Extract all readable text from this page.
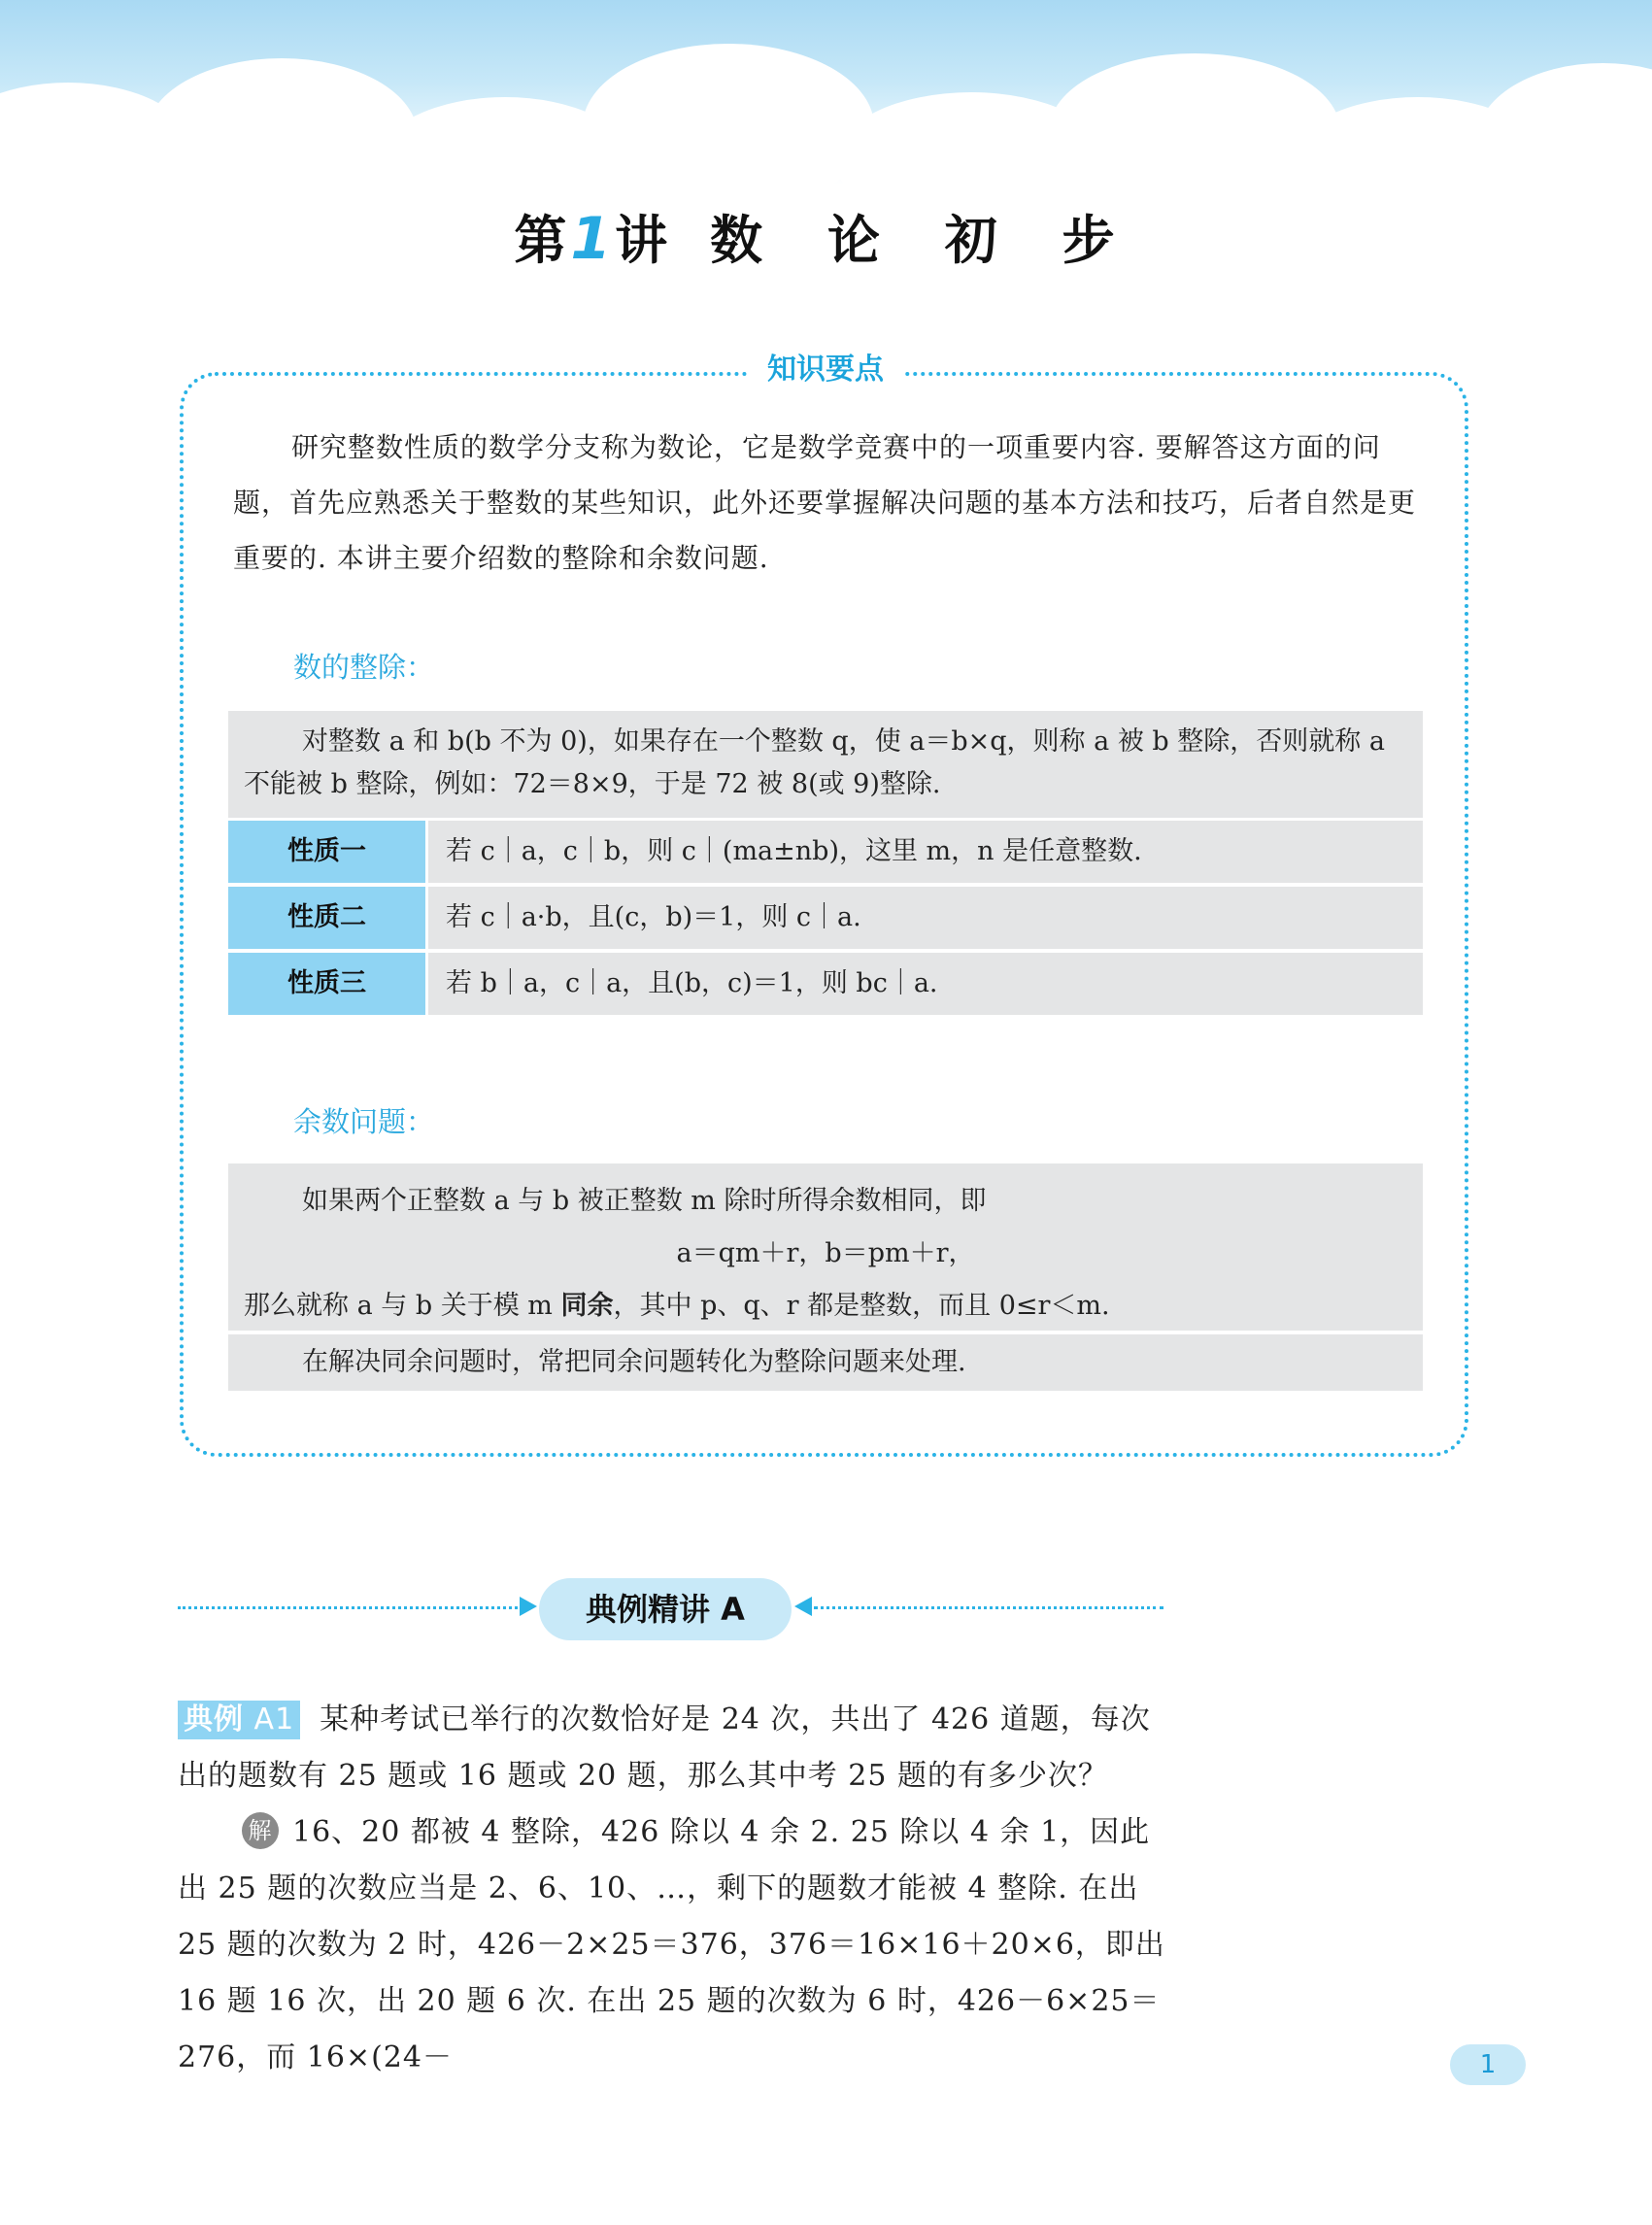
第1讲 数 论 初 步
知识要点

研究整数性质的数学分支称为数论，它是数学竞赛中的一项重要内容. 要解答这方面的问题，首先应熟悉关于整数的某些知识，此外还要掌握解决问题的基本方法和技巧，后者自然是更重要的. 本讲主要介绍数的整除和余数问题.

数的整除：

对整数 a 和 b(b 不为 0)，如果存在一个整数 q，使 a＝b×q，则称 a 被 b 整除，否则就称 a 不能被 b 整除，例如：72＝8×9，于是 72 被 8(或 9)整除.

性质一	若 c｜a，c｜b，则 c｜(ma±nb)，这里 m，n 是任意整数.
性质二	若 c｜a·b，且(c，b)＝1，则 c｜a.
性质三	若 b｜a，c｜a，且(b，c)＝1，则 bc｜a.
余数问题：

如果两个正整数 a 与 b 被正整数 m 除时所得余数相同，即

a＝qm＋r，b＝pm＋r，

那么就称 a 与 b 关于模 m 同余，其中 p、q、r 都是整数，而且 0≤r＜m.

在解决同余问题时，常把同余问题转化为整除问题来处理.
典例精讲 A

典例 A1 某种考试已举行的次数恰好是 24 次，共出了 426 道题，每次出的题数有 25 题或 16 题或 20 题，那么其中考 25 题的有多少次？

解 16、20 都被 4 整除，426 除以 4 余 2. 25 除以 4 余 1，因此出 25 题的次数应当是 2、6、10、…，剩下的题数才能被 4 整除. 在出 25 题的次数为 2 时，426－2×25＝376，376＝16×16＋20×6，即出 16 题 16 次，出 20 题 6 次. 在出 25 题的次数为 6 时，426－6×25＝276，而 16×(24－	1
